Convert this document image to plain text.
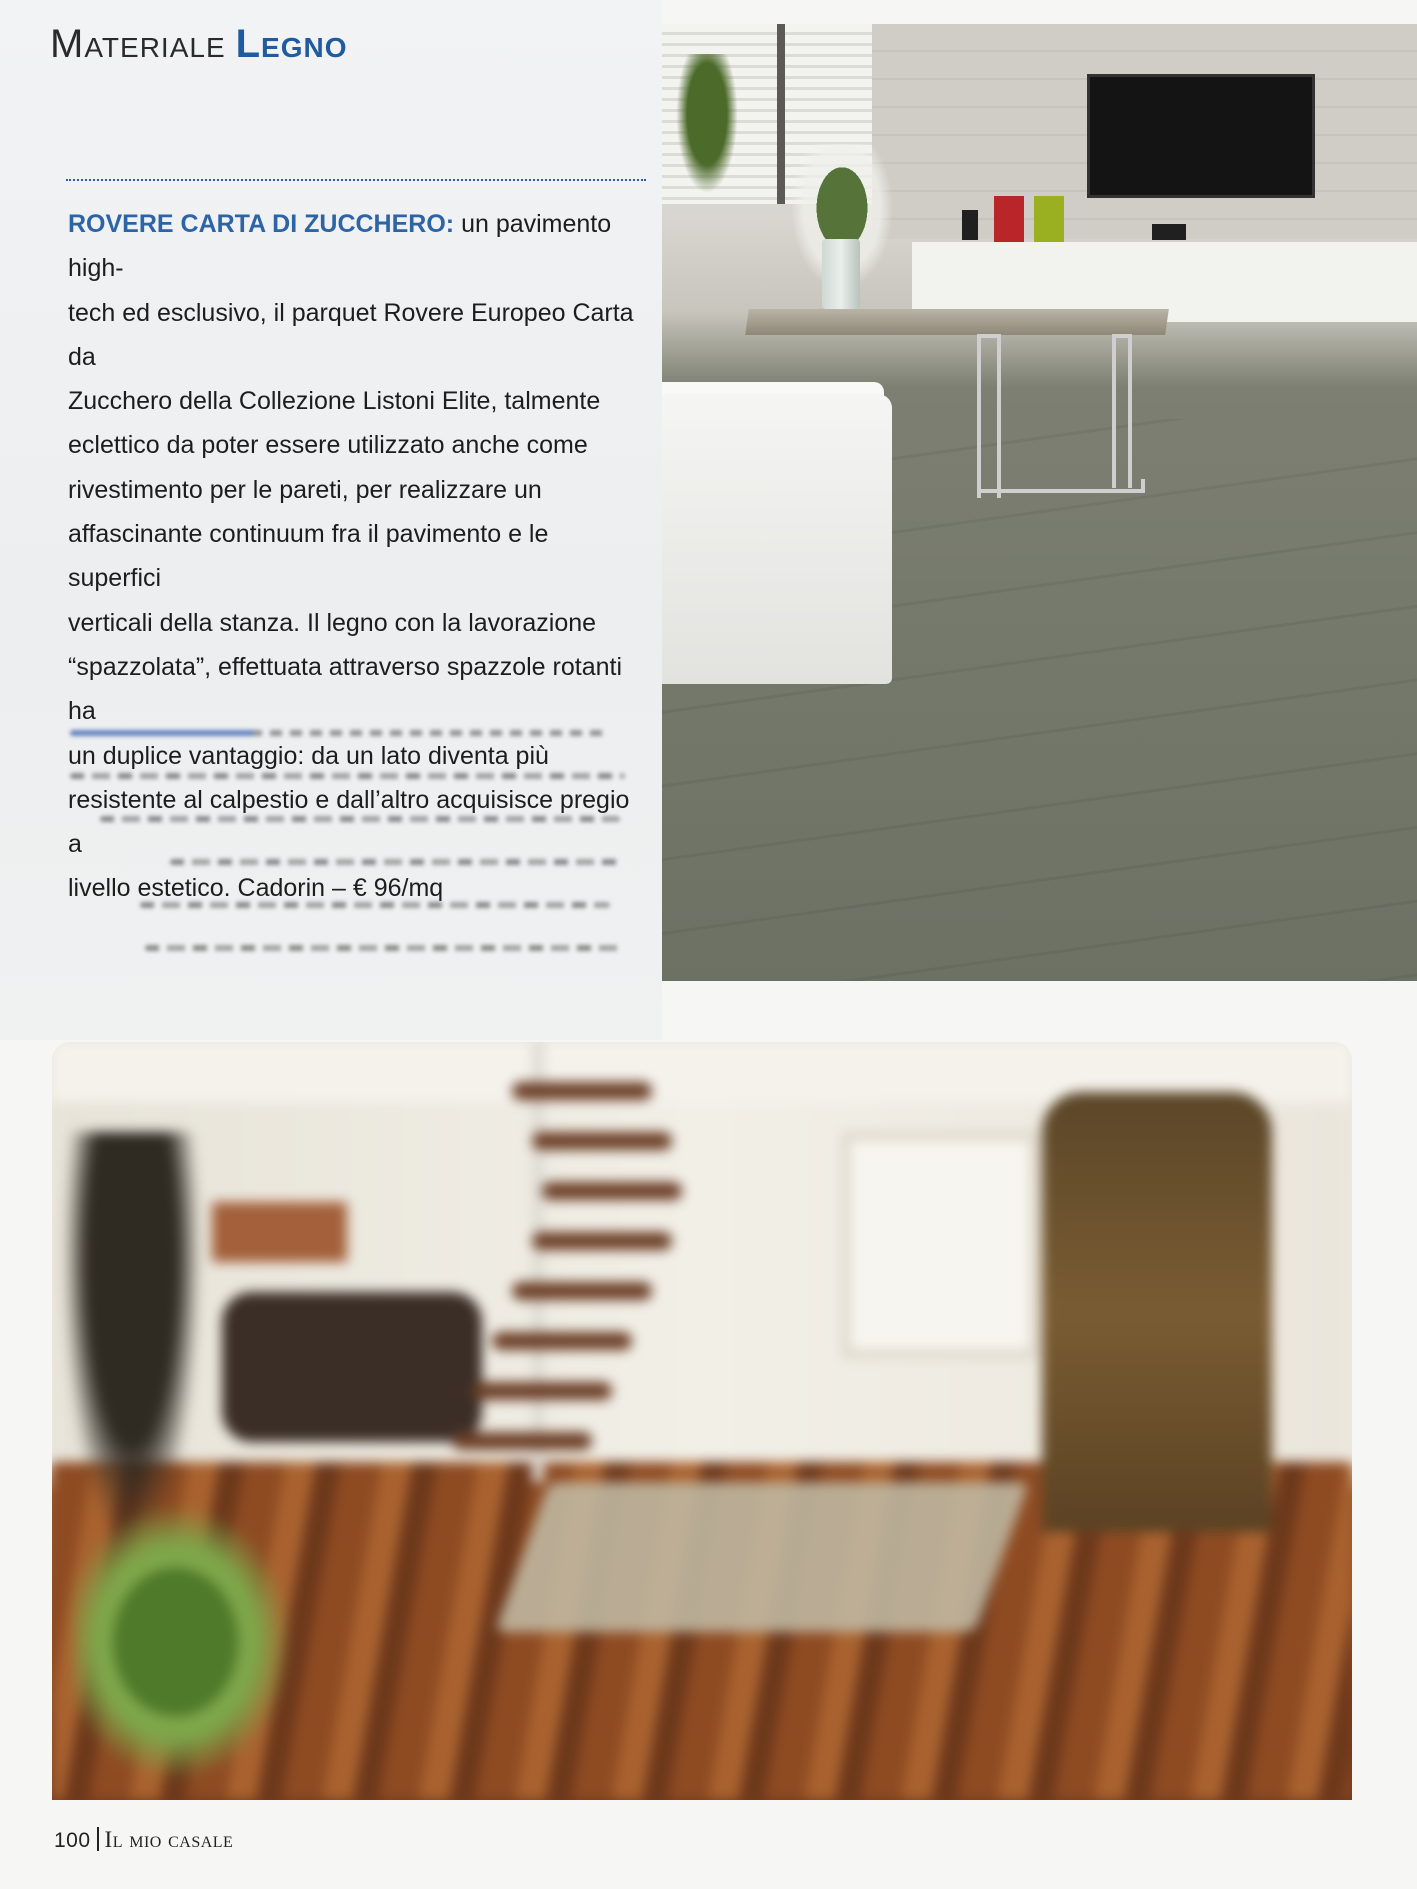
Materiale Legno
ROVERE CARTA DI ZUCCHERO: un pavimento high-
tech ed esclusivo, il parquet Rovere Europeo Carta da
Zucchero della Collezione Listoni Elite, talmente
eclettico da poter essere utilizzato anche come
rivestimento per le pareti, per realizzare un
affascinante continuum fra il pavimento e le superfici
verticali della stanza. Il legno con la lavorazione
“spazzolata”, effettuata attraverso spazzole rotanti ha
un duplice vantaggio: da un lato diventa più
resistente al calpestio e dall’altro acquisisce pregio a
livello estetico. Cadorin – € 96/mq
100 Il mio casale
